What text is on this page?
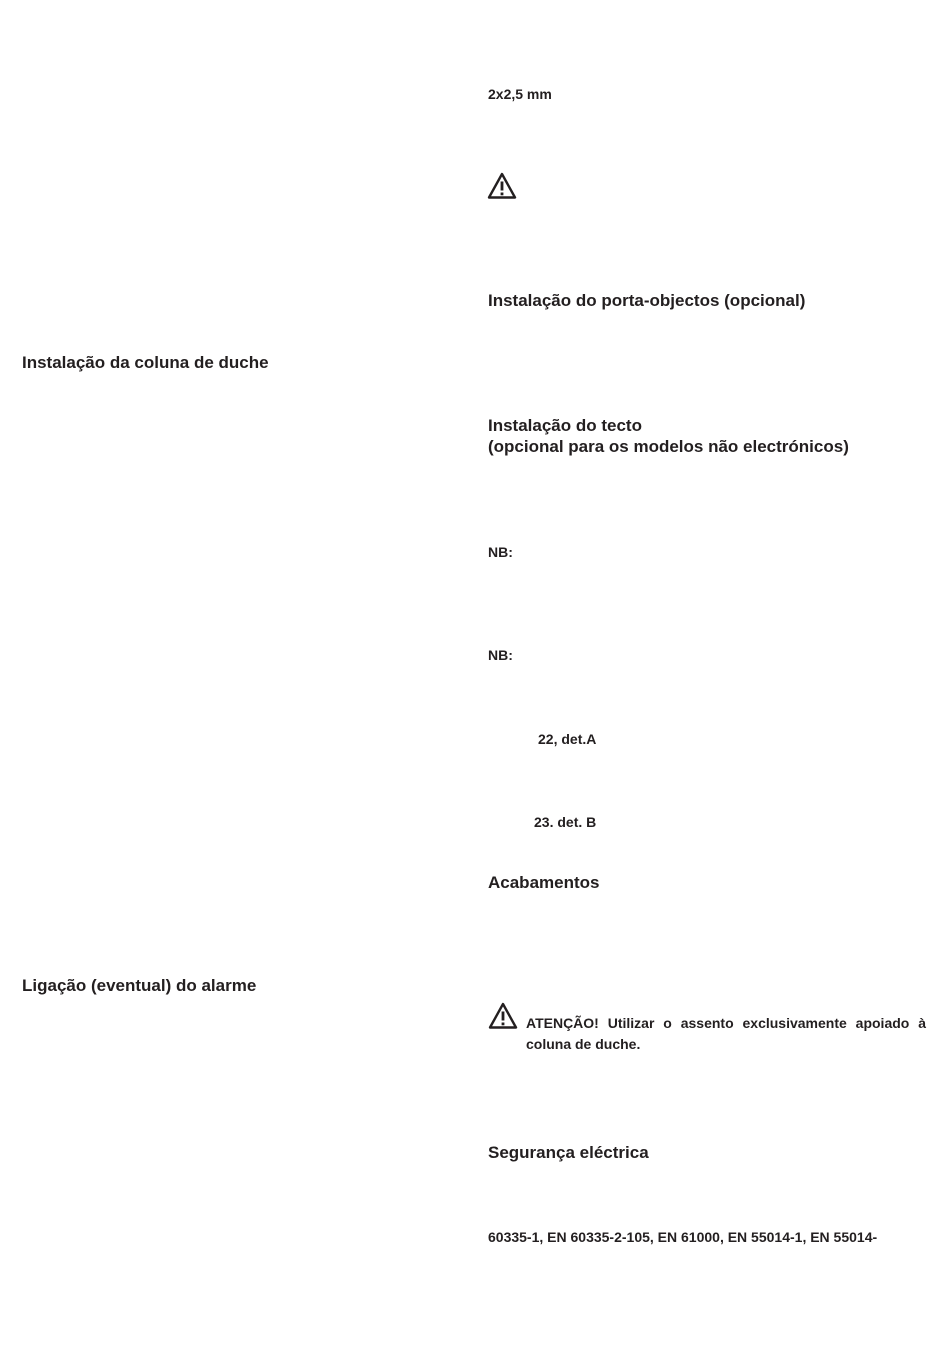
Instalação da coluna de duche
Ligação (eventual) do alarme

2x2,5 mm

Instalação do porta-objectos (opcional)
Instalação do tecto
(opcional para os modelos não electrónicos)

NB:

NB:

22, det.A

23. det. B

Acabamentos

ATENÇÃO! Utilizar o assento exclusivamente apoiado à coluna de duche.

Segurança eléctrica

60335-1, EN 60335-2-105, EN 61000, EN 55014-1, EN 55014-
